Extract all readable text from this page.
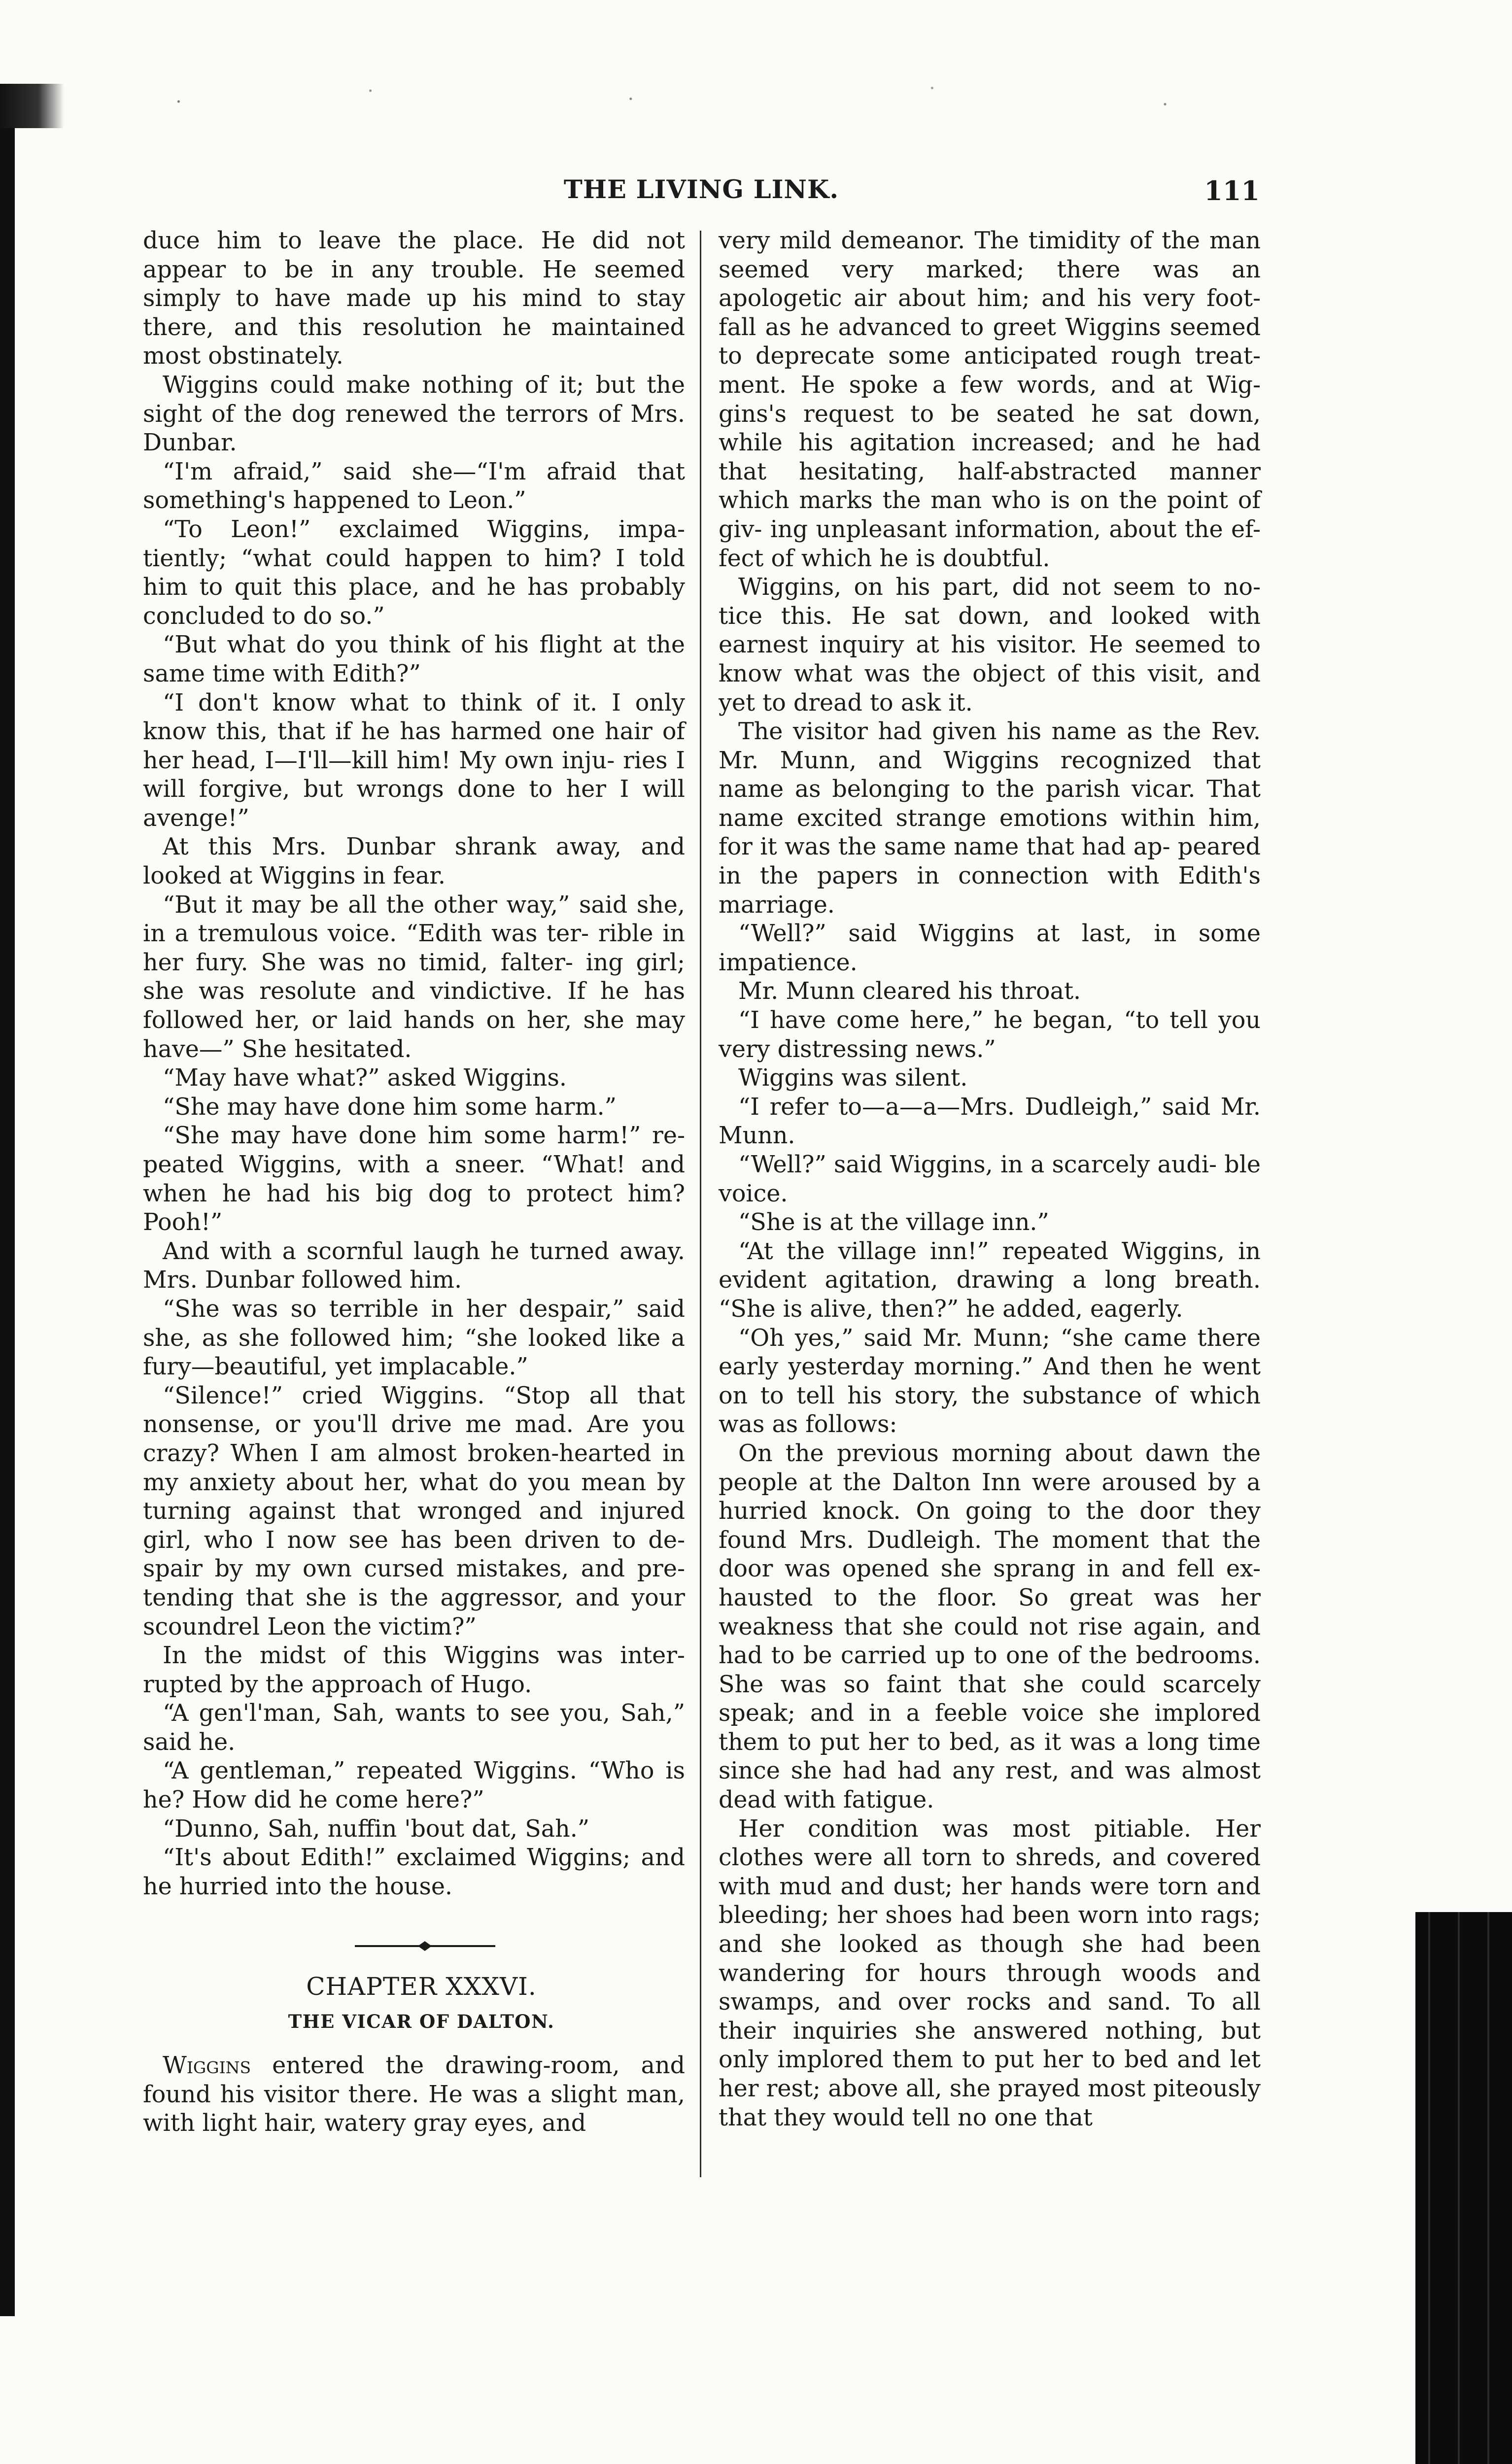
THE LIVING LINK.	111

duce him to leave the place. He did not appear to be in any trouble. He seemed simply to have made up his mind to stay there, and this resolution he maintained most obstinately.

Wiggins could make nothing of it; but the sight of the dog renewed the terrors of Mrs. Dunbar.

“I'm afraid,” said she—“I'm afraid that something's happened to Leon.”

“To Leon!” exclaimed Wiggins, impa- tiently; “what could happen to him? I told him to quit this place, and he has probably concluded to do so.”

“But what do you think of his flight at the same time with Edith?”

“I don't know what to think of it. I only know this, that if he has harmed one hair of her head, I—I'll—kill him! My own inju- ries I will forgive, but wrongs done to her I will avenge!”

At this Mrs. Dunbar shrank away, and looked at Wiggins in fear.

“But it may be all the other way,” said she, in a tremulous voice. “Edith was ter- rible in her fury. She was no timid, falter- ing girl; she was resolute and vindictive. If he has followed her, or laid hands on her, she may have—” She hesitated.

“May have what?” asked Wiggins.

“She may have done him some harm.”

“She may have done him some harm!” re- peated Wiggins, with a sneer. “What! and when he had his big dog to protect him? Pooh!”

And with a scornful laugh he turned away. Mrs. Dunbar followed him.

“She was so terrible in her despair,” said she, as she followed him; “she looked like a fury—beautiful, yet implacable.”

“Silence!” cried Wiggins. “Stop all that nonsense, or you'll drive me mad. Are you crazy? When I am almost broken-hearted in my anxiety about her, what do you mean by turning against that wronged and injured girl, who I now see has been driven to de- spair by my own cursed mistakes, and pre- tending that she is the aggressor, and your scoundrel Leon the victim?”

In the midst of this Wiggins was inter- rupted by the approach of Hugo.

“A gen'l'man, Sah, wants to see you, Sah,” said he.

“A gentleman,” repeated Wiggins. “Who is he? How did he come here?”

“Dunno, Sah, nuffin 'bout dat, Sah.”

“It's about Edith!” exclaimed Wiggins; and he hurried into the house.

CHAPTER XXXVI.
THE VICAR OF DALTON.

Wiggins entered the drawing-room, and found his visitor there. He was a slight man, with light hair, watery gray eyes, and

very mild demeanor. The timidity of the man seemed very marked; there was an apologetic air about him; and his very foot- fall as he advanced to greet Wiggins seemed to deprecate some anticipated rough treat- ment. He spoke a few words, and at Wig- gins's request to be seated he sat down, while his agitation increased; and he had that hesitating, half-abstracted manner which marks the man who is on the point of giv- ing unpleasant information, about the ef- fect of which he is doubtful.

Wiggins, on his part, did not seem to no- tice this. He sat down, and looked with earnest inquiry at his visitor. He seemed to know what was the object of this visit, and yet to dread to ask it.

The visitor had given his name as the Rev. Mr. Munn, and Wiggins recognized that name as belonging to the parish vicar. That name excited strange emotions within him, for it was the same name that had ap- peared in the papers in connection with Edith's marriage.

“Well?” said Wiggins at last, in some impatience.

Mr. Munn cleared his throat.

“I have come here,” he began, “to tell you very distressing news.”

Wiggins was silent.

“I refer to—a—a—Mrs. Dudleigh,” said Mr. Munn.

“Well?” said Wiggins, in a scarcely audi- ble voice.

“She is at the village inn.”

“At the village inn!” repeated Wiggins, in evident agitation, drawing a long breath. “She is alive, then?” he added, eagerly.

“Oh yes,” said Mr. Munn; “she came there early yesterday morning.” And then he went on to tell his story, the substance of which was as follows:

On the previous morning about dawn the people at the Dalton Inn were aroused by a hurried knock. On going to the door they found Mrs. Dudleigh. The moment that the door was opened she sprang in and fell ex- hausted to the floor. So great was her weakness that she could not rise again, and had to be carried up to one of the bedrooms. She was so faint that she could scarcely speak; and in a feeble voice she implored them to put her to bed, as it was a long time since she had had any rest, and was almost dead with fatigue.

Her condition was most pitiable. Her clothes were all torn to shreds, and covered with mud and dust; her hands were torn and bleeding; her shoes had been worn into rags; and she looked as though she had been wandering for hours through woods and swamps, and over rocks and sand. To all their inquiries she answered nothing, but only implored them to put her to bed and let her rest; above all, she prayed most piteously that they would tell no one that
